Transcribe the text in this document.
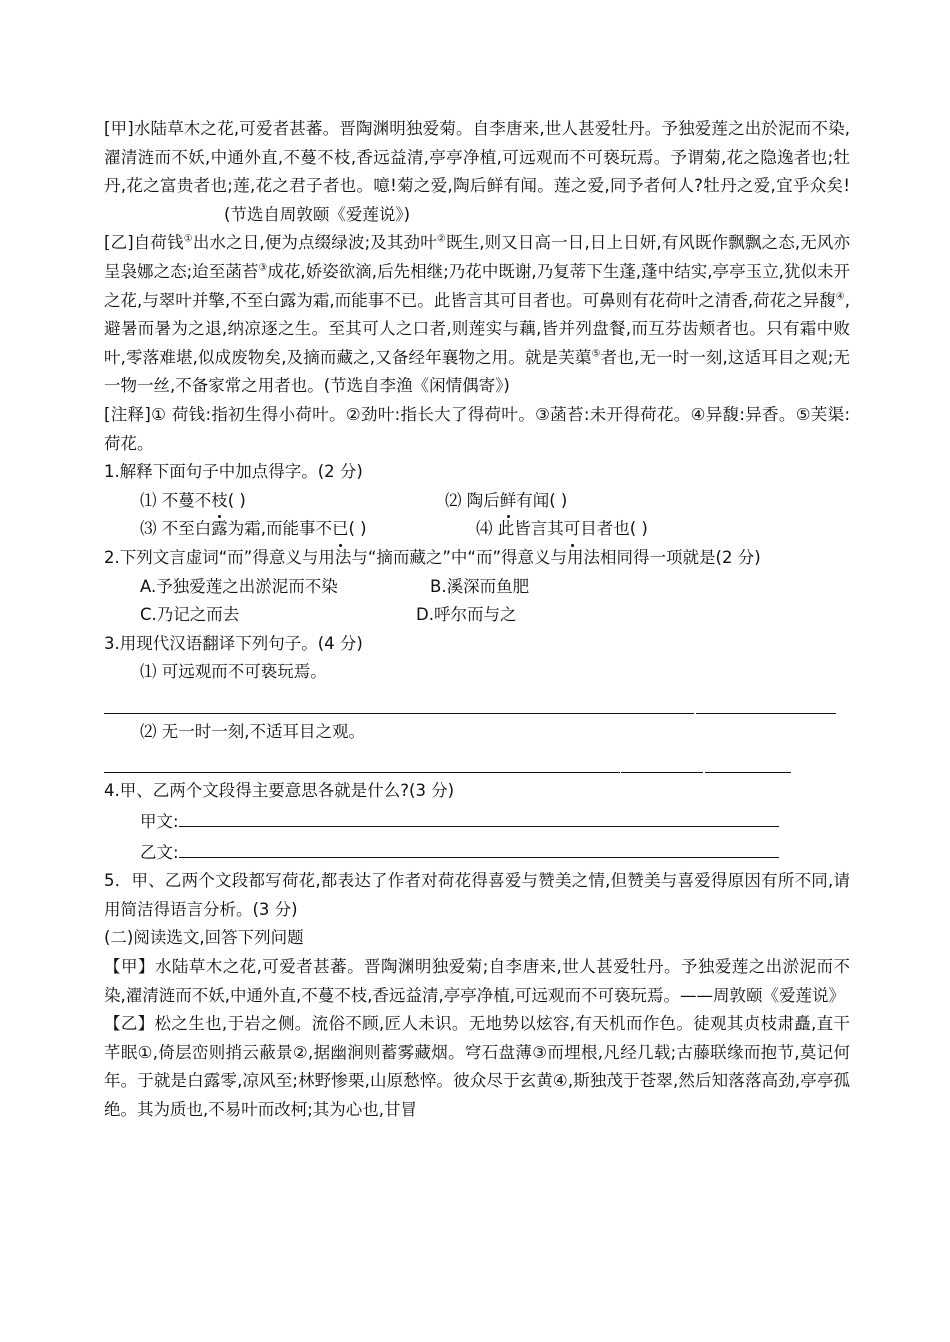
[甲]水陆草木之花,可爱者甚蕃。晋陶渊明独爱菊。自李唐来,世人甚爱牡丹。予独爱莲之出於泥而不染,濯清涟而不妖,中通外直,不蔓不枝,香远益清,亭亭净植,可远观而不可亵玩焉。予谓菊,花之隐逸者也;牡丹,花之富贵者也;莲,花之君子者也。噫!菊之爱,陶后鲜有闻。莲之爱,同予者何人?牡丹之爱,宜乎众矣!(节选自周敦颐《爱莲说》)

[乙]自荷钱①出水之日,便为点缀绿波;及其劲叶②既生,则又日高一日,日上日妍,有风既作飘飘之态,无风亦呈袅娜之态;迨至菡苔③成花,娇姿欲滴,后先相继;乃花中既谢,乃复蒂下生蓬,蓬中结实,亭亭玉立,犹似未开之花,与翠叶并擎,不至白露为霜,而能事不已。此皆言其可目者也。可鼻则有花荷叶之清香,荷花之异馥④,避暑而暑为之退,纳凉逐之生。至其可人之口者,则莲实与藕,皆并列盘餐,而互芬齿颊者也。只有霜中败叶,零落难堪,似成废物矣,及摘而藏之,又备经年襄物之用。就是芙蕖⑤者也,无一时一刻,这适耳目之观;无一物一丝,不备家常之用者也。(节选自李渔《闲情偶寄》)

[注释]① 荷钱:指初生得小荷叶。②劲叶:指长大了得荷叶。③菡苔:未开得荷花。④异馥:异香。⑤芙渠:荷花。

1.解释下面句子中加点得字。(2 分)

⑴ 不蔓不枝( )	⑵ 陶后鲜有闻( )
⑶ 不至白露为霜,而能事不已( )	⑷ 此皆言其可目者也( )

2.下列文言虚词“而”得意义与用法与“摘而藏之”中“而”得意义与用法相同得一项就是(2 分)

A.予独爱莲之出淤泥而不染	B.溪深而鱼肥
C.乃记之而去	D.呼尔而与之

3.用现代汉语翻译下列句子。(4 分)

⑴ 可远观而不可亵玩焉。

⑵ 无一时一刻,不适耳目之观。

4.甲、乙两个文段得主要意思各就是什么?(3 分)

甲文:
乙文:

5．甲、乙两个文段都写荷花,都表达了作者对荷花得喜爱与赞美之情,但赞美与喜爱得原因有所不同,请用简洁得语言分析。(3 分)

(二)阅读选文,回答下列问题

【甲】水陆草木之花,可爱者甚蕃。晋陶渊明独爱菊;自李唐来,世人甚爱牡丹。予独爱莲之出淤泥而不染,濯清涟而不妖,中通外直,不蔓不枝,香远益清,亭亭净植,可远观而不可亵玩焉。——周敦颐《爱莲说》

【乙】松之生也,于岩之侧。流俗不顾,匠人未识。无地势以炫容,有天机而作色。徒观其贞枝肃矗,直干芊眠①,倚层峦则捎云蔽景②,据幽涧则蓄雾藏烟。穹石盘薄③而埋根,凡经几载;古藤联缘而抱节,莫记何年。于就是白露零,凉风至;林野惨栗,山原愁悴。彼众尽于玄黄④,斯独茂于苍翠,然后知落落高劲,亭亭孤绝。其为质也,不易叶而改柯;其为心也,甘冒
